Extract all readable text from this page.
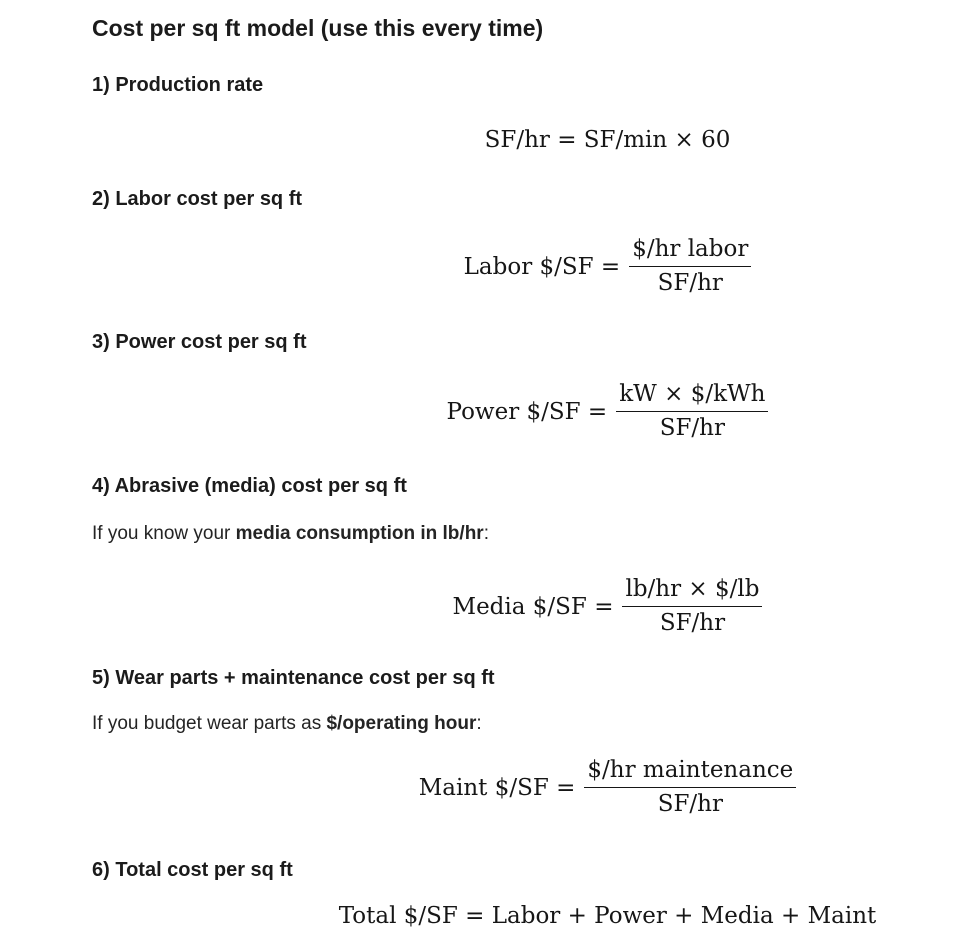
Cost per sq ft model (use this every time)
1) Production rate

SF/hr = SF/min × 60

2) Labor cost per sq ft

Labor $/SF = $\frac{\text{\$/hr labor}}{SF/hr}$

3) Power cost per sq ft

Power $/SF = $\frac{\text{kW × \$/kWh}}{SF/hr}$

4) Abrasive (media) cost per sq ft

If you know your media consumption in lb/hr:

Media $/SF = $\frac{lb/hr \times \$/lb}{SF/hr}$

5) Wear parts + maintenance cost per sq ft

If you budget wear parts as $/operating hour:

Maint $/SF = $\frac{\text{\$/hr maintenance}}{SF/hr}$

6) Total cost per sq ft

Total $/SF = Labor + Power + Media + Maint
